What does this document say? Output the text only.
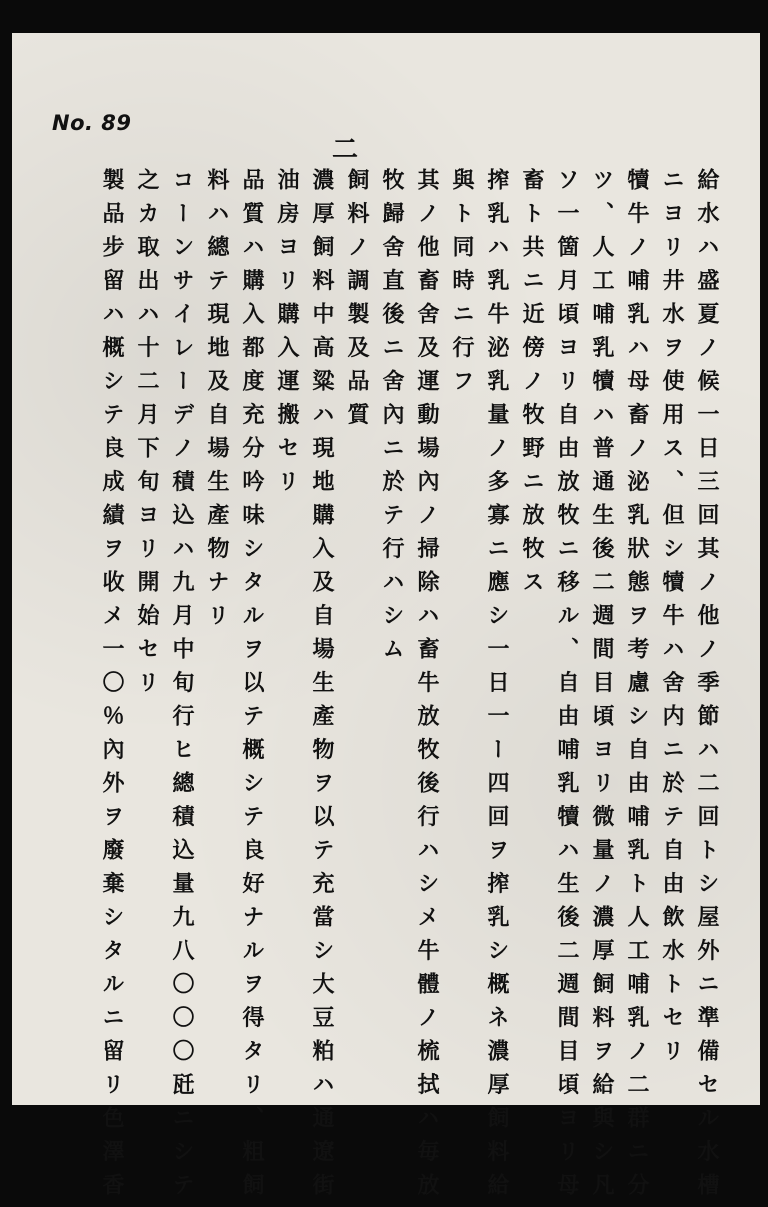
No. 89
二
給水ハ盛夏ノ候一日三回其ノ他ノ季節ハ二回トシ屋外ニ準備セル水槽
ニヨリ井水ヲ使用ス、但シ犢牛ハ舍内ニ於テ自由飲水トセリ
犢牛ノ哺乳ハ母畜ノ泌乳狀態ヲ考慮シ自由哺乳ト人工哺乳ノ二群ニ分
ツ、人工哺乳犢ハ普通生後二週間目頃ヨリ微量ノ濃厚飼料ヲ給與シ凡
ソ一箇月頃ヨリ自由放牧ニ移ル、自由哺乳犢ハ生後二週間目頃ヨリ母
畜ト共ニ近傍ノ牧野ニ放牧ス
搾乳ハ乳牛泌乳量ノ多寡ニ應シ一日一ー四回ヲ搾乳シ概ネ濃厚飼料給
與ト同時ニ行フ
其ノ他畜舍及運動場內ノ掃除ハ畜牛放牧後行ハシメ牛體ノ梳拭ハ毎放
牧歸舍直後ニ舍內ニ於テ行ハシム
飼料ノ調製及品質
濃厚飼料中高粱ハ現地購入及自場生產物ヲ以テ充當シ大豆粕ハ通遼街
油房ヨリ購入運搬セリ
品質ハ購入都度充分吟味シタルヲ以テ概シテ良好ナルヲ得タリ、粗飼
料ハ總テ現地及自場生產物ナリ
コーンサイレーデノ積込ハ九月中旬行ヒ總積込量九八〇〇〇瓩ニシテ
之カ取出ハ十二月下旬ヨリ開始セリ
製品步留ハ概シテ良成績ヲ收メ一〇％內外ヲ廢棄シタルニ留リ色澤香
